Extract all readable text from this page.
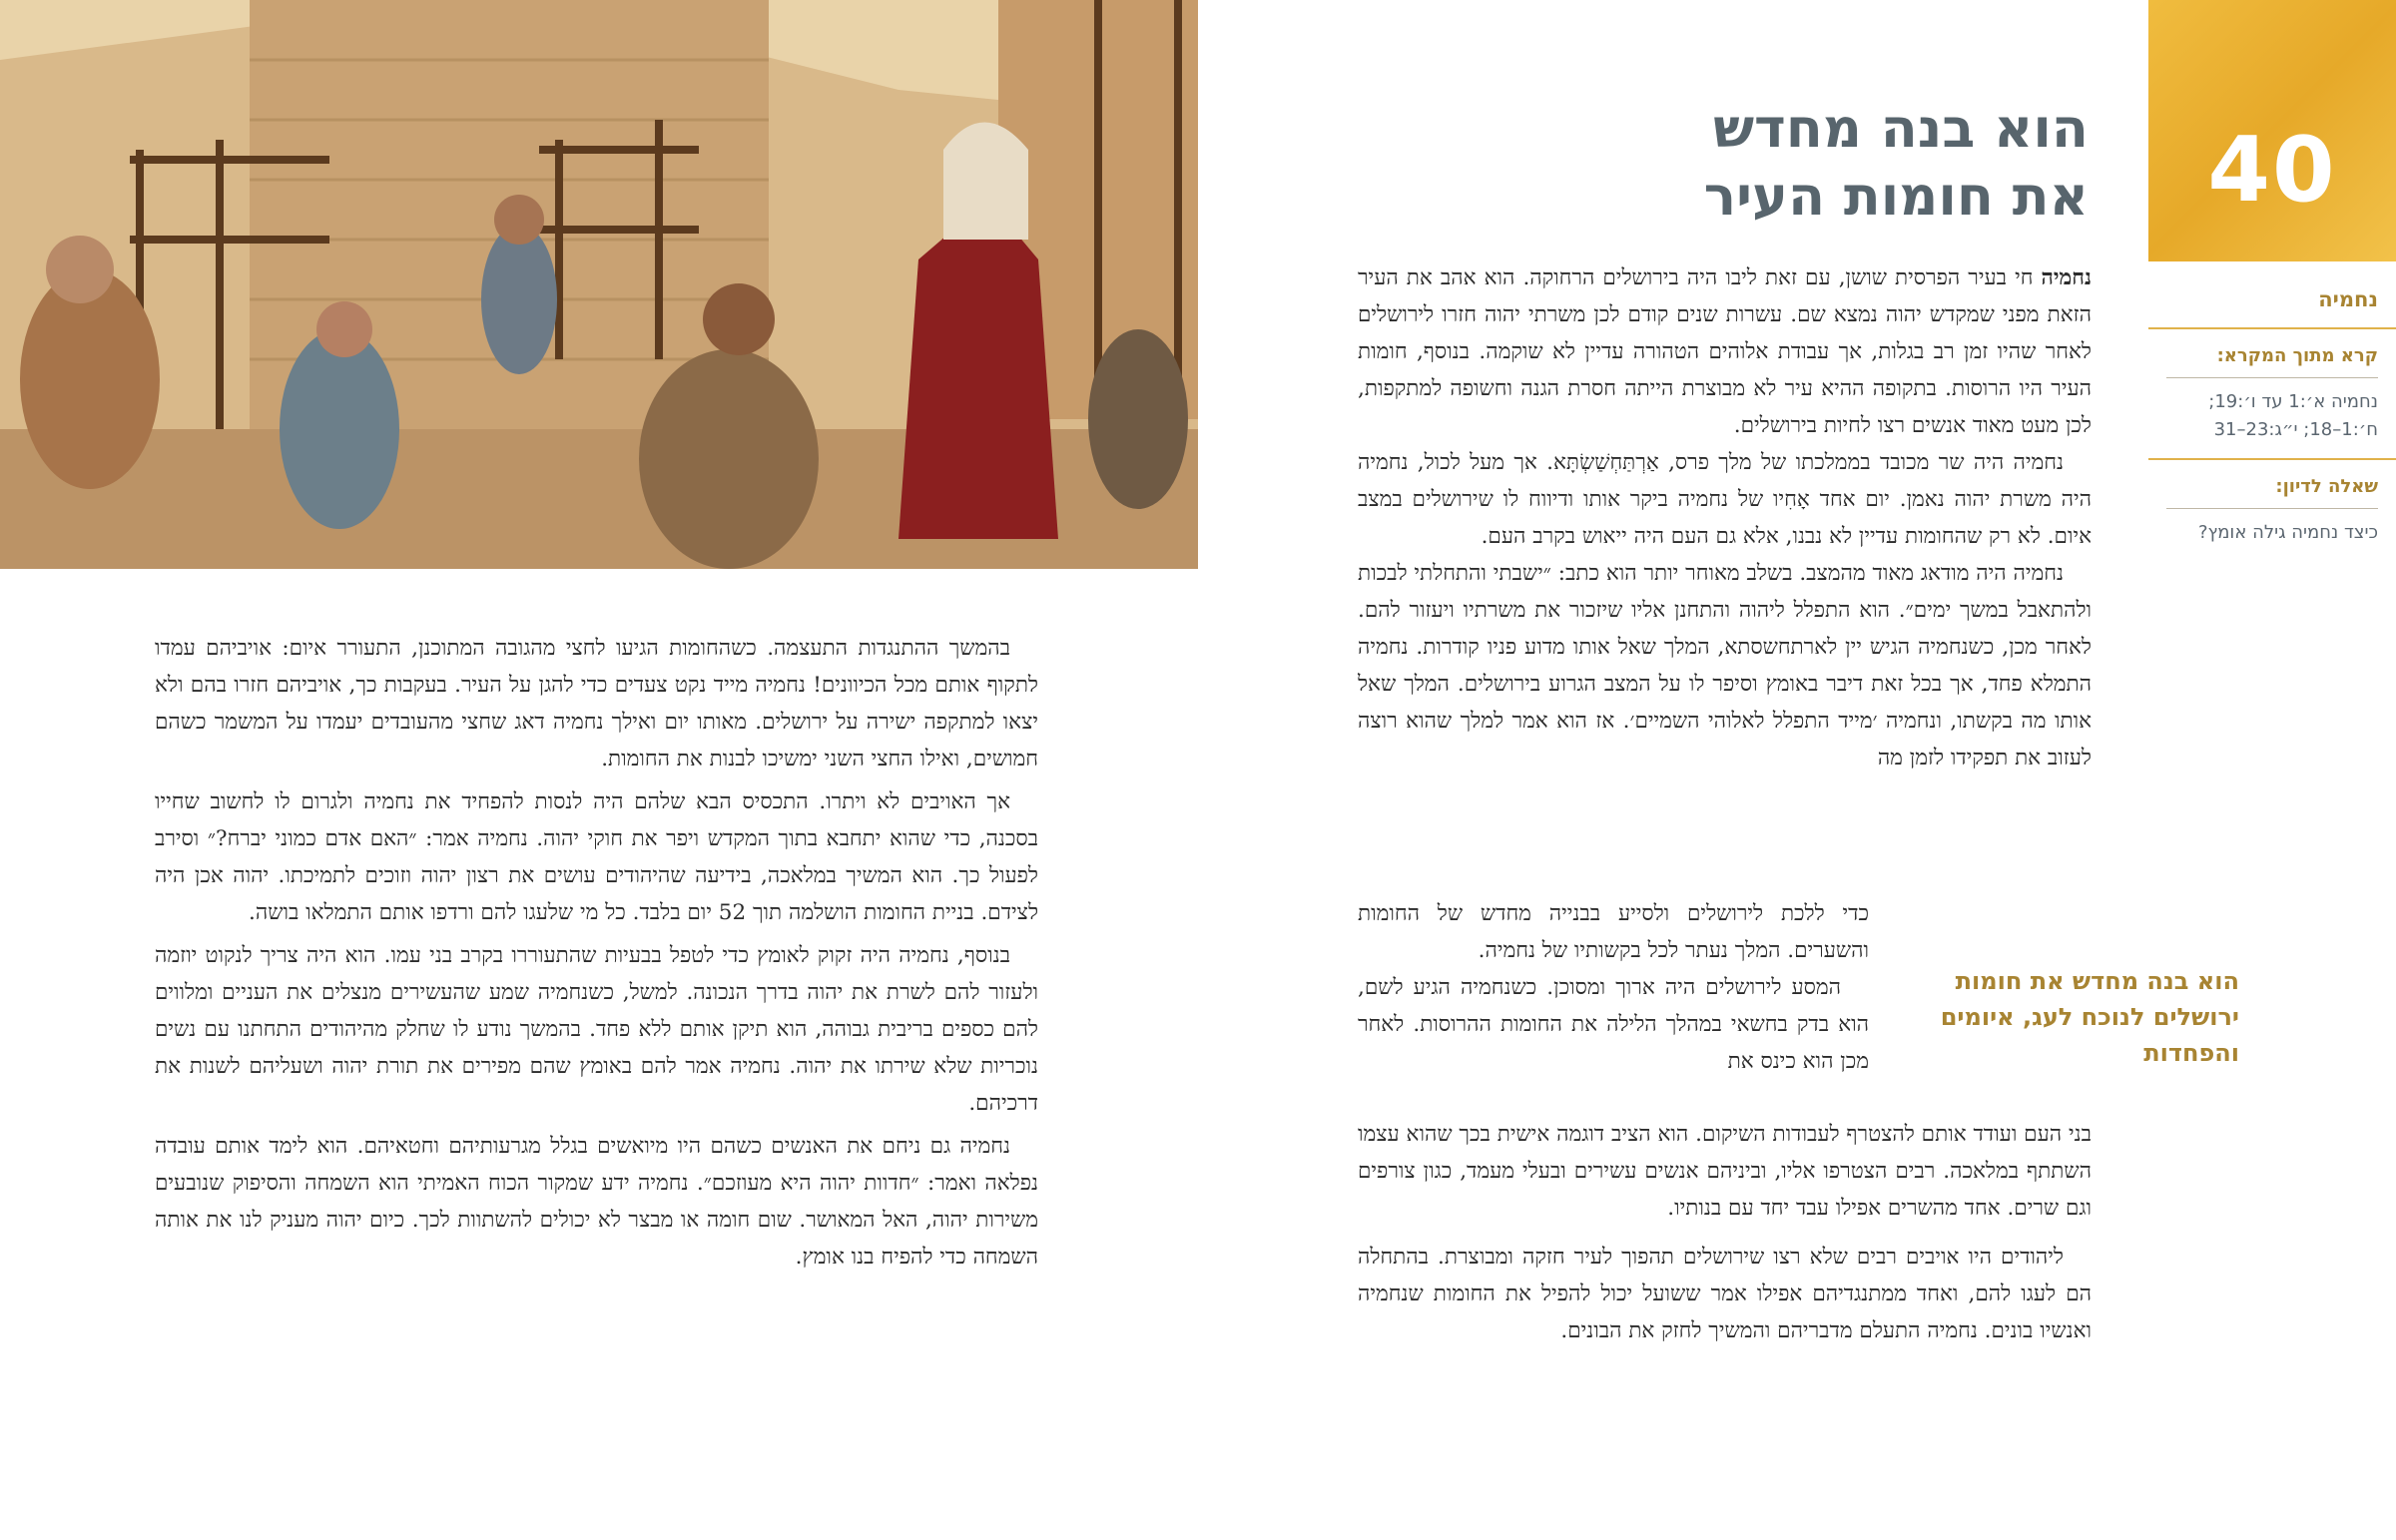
40
נחמיה
קרא מתוך המקרא:
נחמיה א׳:1 עד ו׳:19; ח׳:1–18; י״ג:23–31
שאלה לדיון:
כיצד נחמיה גילה אומץ?
הוא בנה מחדש
את חומות העיר

נחמיה חי בעיר הפרסית שושן, עם זאת ליבו היה בירושלים הרחוקה. הוא אהב את העיר הזאת מפני שמקדש יהוה נמצא שם. עשרות שנים קודם לכן משרתי יהוה חזרו לירושלים לאחר שהיו זמן רב בגלות, אך עבודת אלוהים הטהורה עדיין לא שוקמה. בנוסף, חומות העיר היו הרוסות. בתקופה ההיא עיר לא מבוצרת הייתה חסרת הגנה וחשופה למתקפות, לכן מעט מאוד אנשים רצו לחיות בירושלים.

נחמיה היה שר מכובד בממלכתו של מלך פרס, אַרְתַּחְשַׁשְׂתָּא. אך מעל לכול, נחמיה היה משרת יהוה נאמן. יום אחד אָחִיו של נחמיה ביקר אותו ודיווח לו שירושלים במצב איום. לא רק שהחומות עדיין לא נבנו, אלא גם העם היה ייאוש בקרב העם.

נחמיה היה מודאג מאוד מהמצב. בשלב מאוחר יותר הוא כתב: ״ישבתי והתחלתי לבכות ולהתאבל במשך ימים״. הוא התפלל ליהוה והתחנן אליו שיזכור את משרתיו ויעזור להם. לאחר מכן, כשנחמיה הגיש יין לארתחשסתא, המלך שאל אותו מדוע פניו קודרות. נחמיה התמלא פחד, אך בכל זאת דיבר באומץ וסיפר לו על המצב הגרוע בירושלים. המלך שאל אותו מה בקשתו, ונחמיה ׳מייד התפלל לאלוהי השמיים׳. אז הוא אמר למלך שהוא רוצה לעזוב את תפקידו לזמן מה

כדי ללכת לירושלים ולסייע בבנייה מחדש של החומות והשערים. המלך נעתר לכל בקשותיו של נחמיה.

המסע לירושלים היה ארוך ומסוכן. כשנחמיה הגיע לשם, הוא בדק בחשאי במהלך הלילה את החומות ההרוסות. לאחר מכן הוא כינס את

בני העם ועודד אותם להצטרף לעבודות השיקום. הוא הציב דוגמה אישית בכך שהוא עצמו השתתף במלאכה. רבים הצטרפו אליו, וביניהם אנשים עשירים ובעלי מעמד, כגון צורפים וגם שרים. אחד מהשרים אפילו עבד יחד עם בנותיו.

ליהודים היו אויבים רבים שלא רצו שירושלים תהפוך לעיר חזקה ומבוצרת. בהתחלה הם לעגו להם, ואחד ממתנגדיהם אפילו אמר ששועל יכול להפיל את החומות שנחמיה ואנשיו בונים. נחמיה התעלם מדבריהם והמשיך לחזק את הבונים.

הוא בנה מחדש את חומות ירושלים לנוכח לעג, איומים והפחדות

בהמשך ההתנגדות התעצמה. כשהחומות הגיעו לחצי מהגובה המתוכנן, התעורר איום: אויביהם עמדו לתקוף אותם מכל הכיוונים! נחמיה מייד נקט צעדים כדי להגן על העיר. בעקבות כך, אויביהם חזרו בהם ולא יצאו למתקפה ישירה על ירושלים. מאותו יום ואילך נחמיה דאג שחצי מהעובדים יעמדו על המשמר כשהם חמושים, ואילו החצי השני ימשיכו לבנות את החומות.

אך האויבים לא ויתרו. התכסיס הבא שלהם היה לנסות להפחיד את נחמיה ולגרום לו לחשוב שחייו בסכנה, כדי שהוא יתחבא בתוך המקדש ויפר את חוקי יהוה. נחמיה אמר: ״האם אדם כמוני יברח?״ וסירב לפעול כך. הוא המשיך במלאכה, בידיעה שהיהודים עושים את רצון יהוה וזוכים לתמיכתו. יהוה אכן היה לצידם. בניית החומות הושלמה תוך 52 יום בלבד. כל מי שלעגו להם ורדפו אותם התמלאו בושה.

בנוסף, נחמיה היה זקוק לאומץ כדי לטפל בבעיות שהתעוררו בקרב בני עמו. הוא היה צריך לנקוט יוזמה ולעזור להם לשרת את יהוה בדרך הנכונה. למשל, כשנחמיה שמע שהעשירים מנצלים את העניים ומלווים להם כספים בריבית גבוהה, הוא תיקן אותם ללא פחד. בהמשך נודע לו שחלק מהיהודים התחתנו עם נשים נוכריות שלא שירתו את יהוה. נחמיה אמר להם באומץ שהם מפירים את תורת יהוה ושעליהם לשנות את דרכיהם.

נחמיה גם ניחם את האנשים כשהם היו מיואשים בגלל מגרעותיהם וחטאיהם. הוא לימד אותם עובדה נפלאה ואמר: ״חדוות יהוה היא מעוזכם״. נחמיה ידע שמקור הכוח האמיתי הוא השמחה והסיפוק שנובעים משירות יהוה, האל המאושר. שום חומה או מבצר לא יכולים להשתוות לכך. כיום יהוה מעניק לנו את אותה השמחה כדי להפיח בנו אומץ.
